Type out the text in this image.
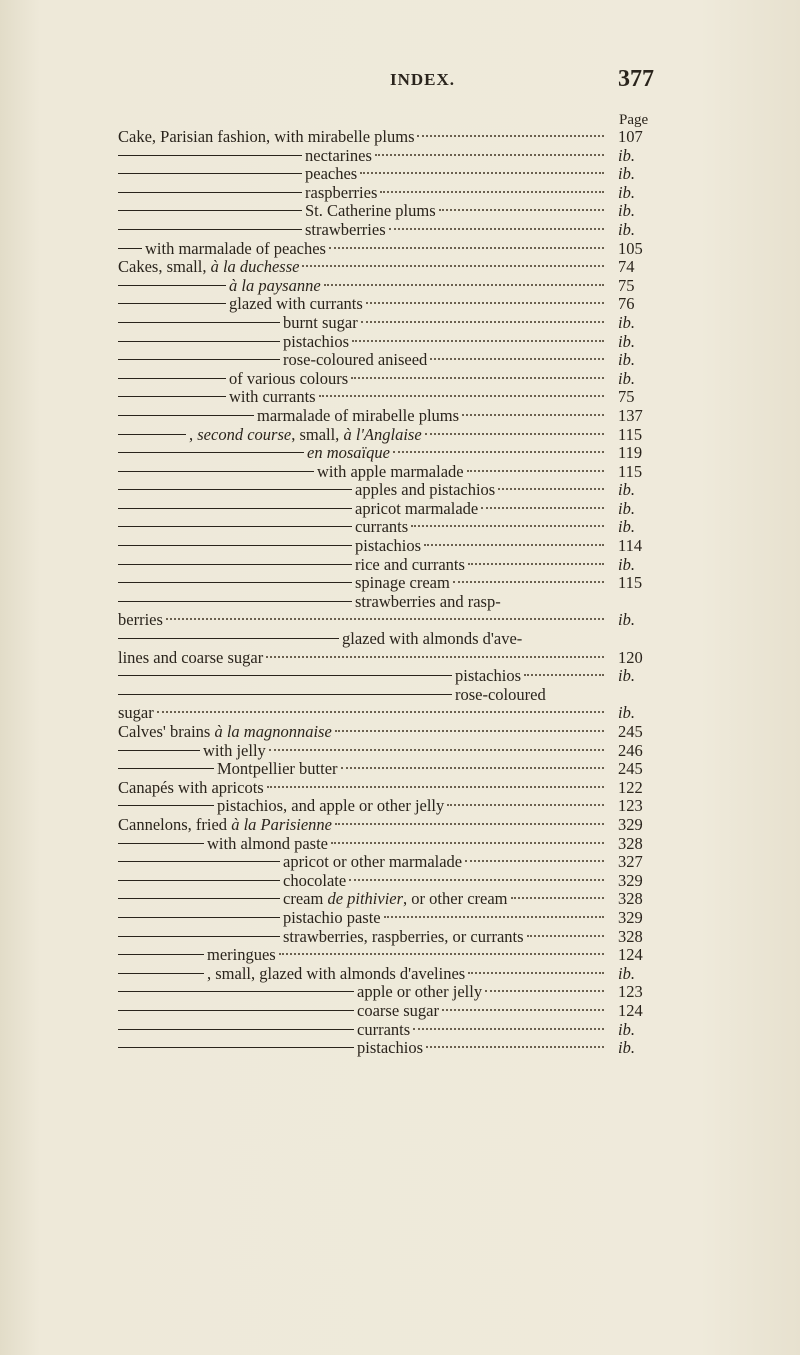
INDEX.	377
Page
Cake, Parisian fashion, with mirabelle plums	107
nectarines	ib.
peaches	ib.
raspberries	ib.
St. Catherine plums	ib.
strawberries	ib.
with marmalade of peaches	105
Cakes, small, à la duchesse	74
à la paysanne	75
glazed with currants	76
burnt sugar	ib.
pistachios	ib.
rose-coloured aniseed	ib.
of various colours	ib.
with currants	75
marmalade of mirabelle plums	137
, second course, small, à l'Anglaise	115
en mosaïque	119
with apple marmalade	115
apples and pistachios	ib.
apricot marmalade	ib.
currants	ib.
pistachios	114
rice and currants	ib.
spinage cream	115
strawberries and rasp-
berries	ib.
glazed with almonds d'ave-
lines and coarse sugar	120
pistachios	ib.
rose-coloured
sugar	ib.
Calves' brains à la magnonnaise	245
with jelly	246
Montpellier butter	245
Canapés with apricots	122
pistachios, and apple or other jelly	123
Cannelons, fried à la Parisienne	329
with almond paste	328
apricot or other marmalade	327
chocolate	329
cream de pithivier, or other cream	328
pistachio paste	329
strawberries, raspberries, or currants	328
meringues	124
, small, glazed with almonds d'avelines	ib.
apple or other jelly	123
coarse sugar	124
currants	ib.
pistachios	ib.
